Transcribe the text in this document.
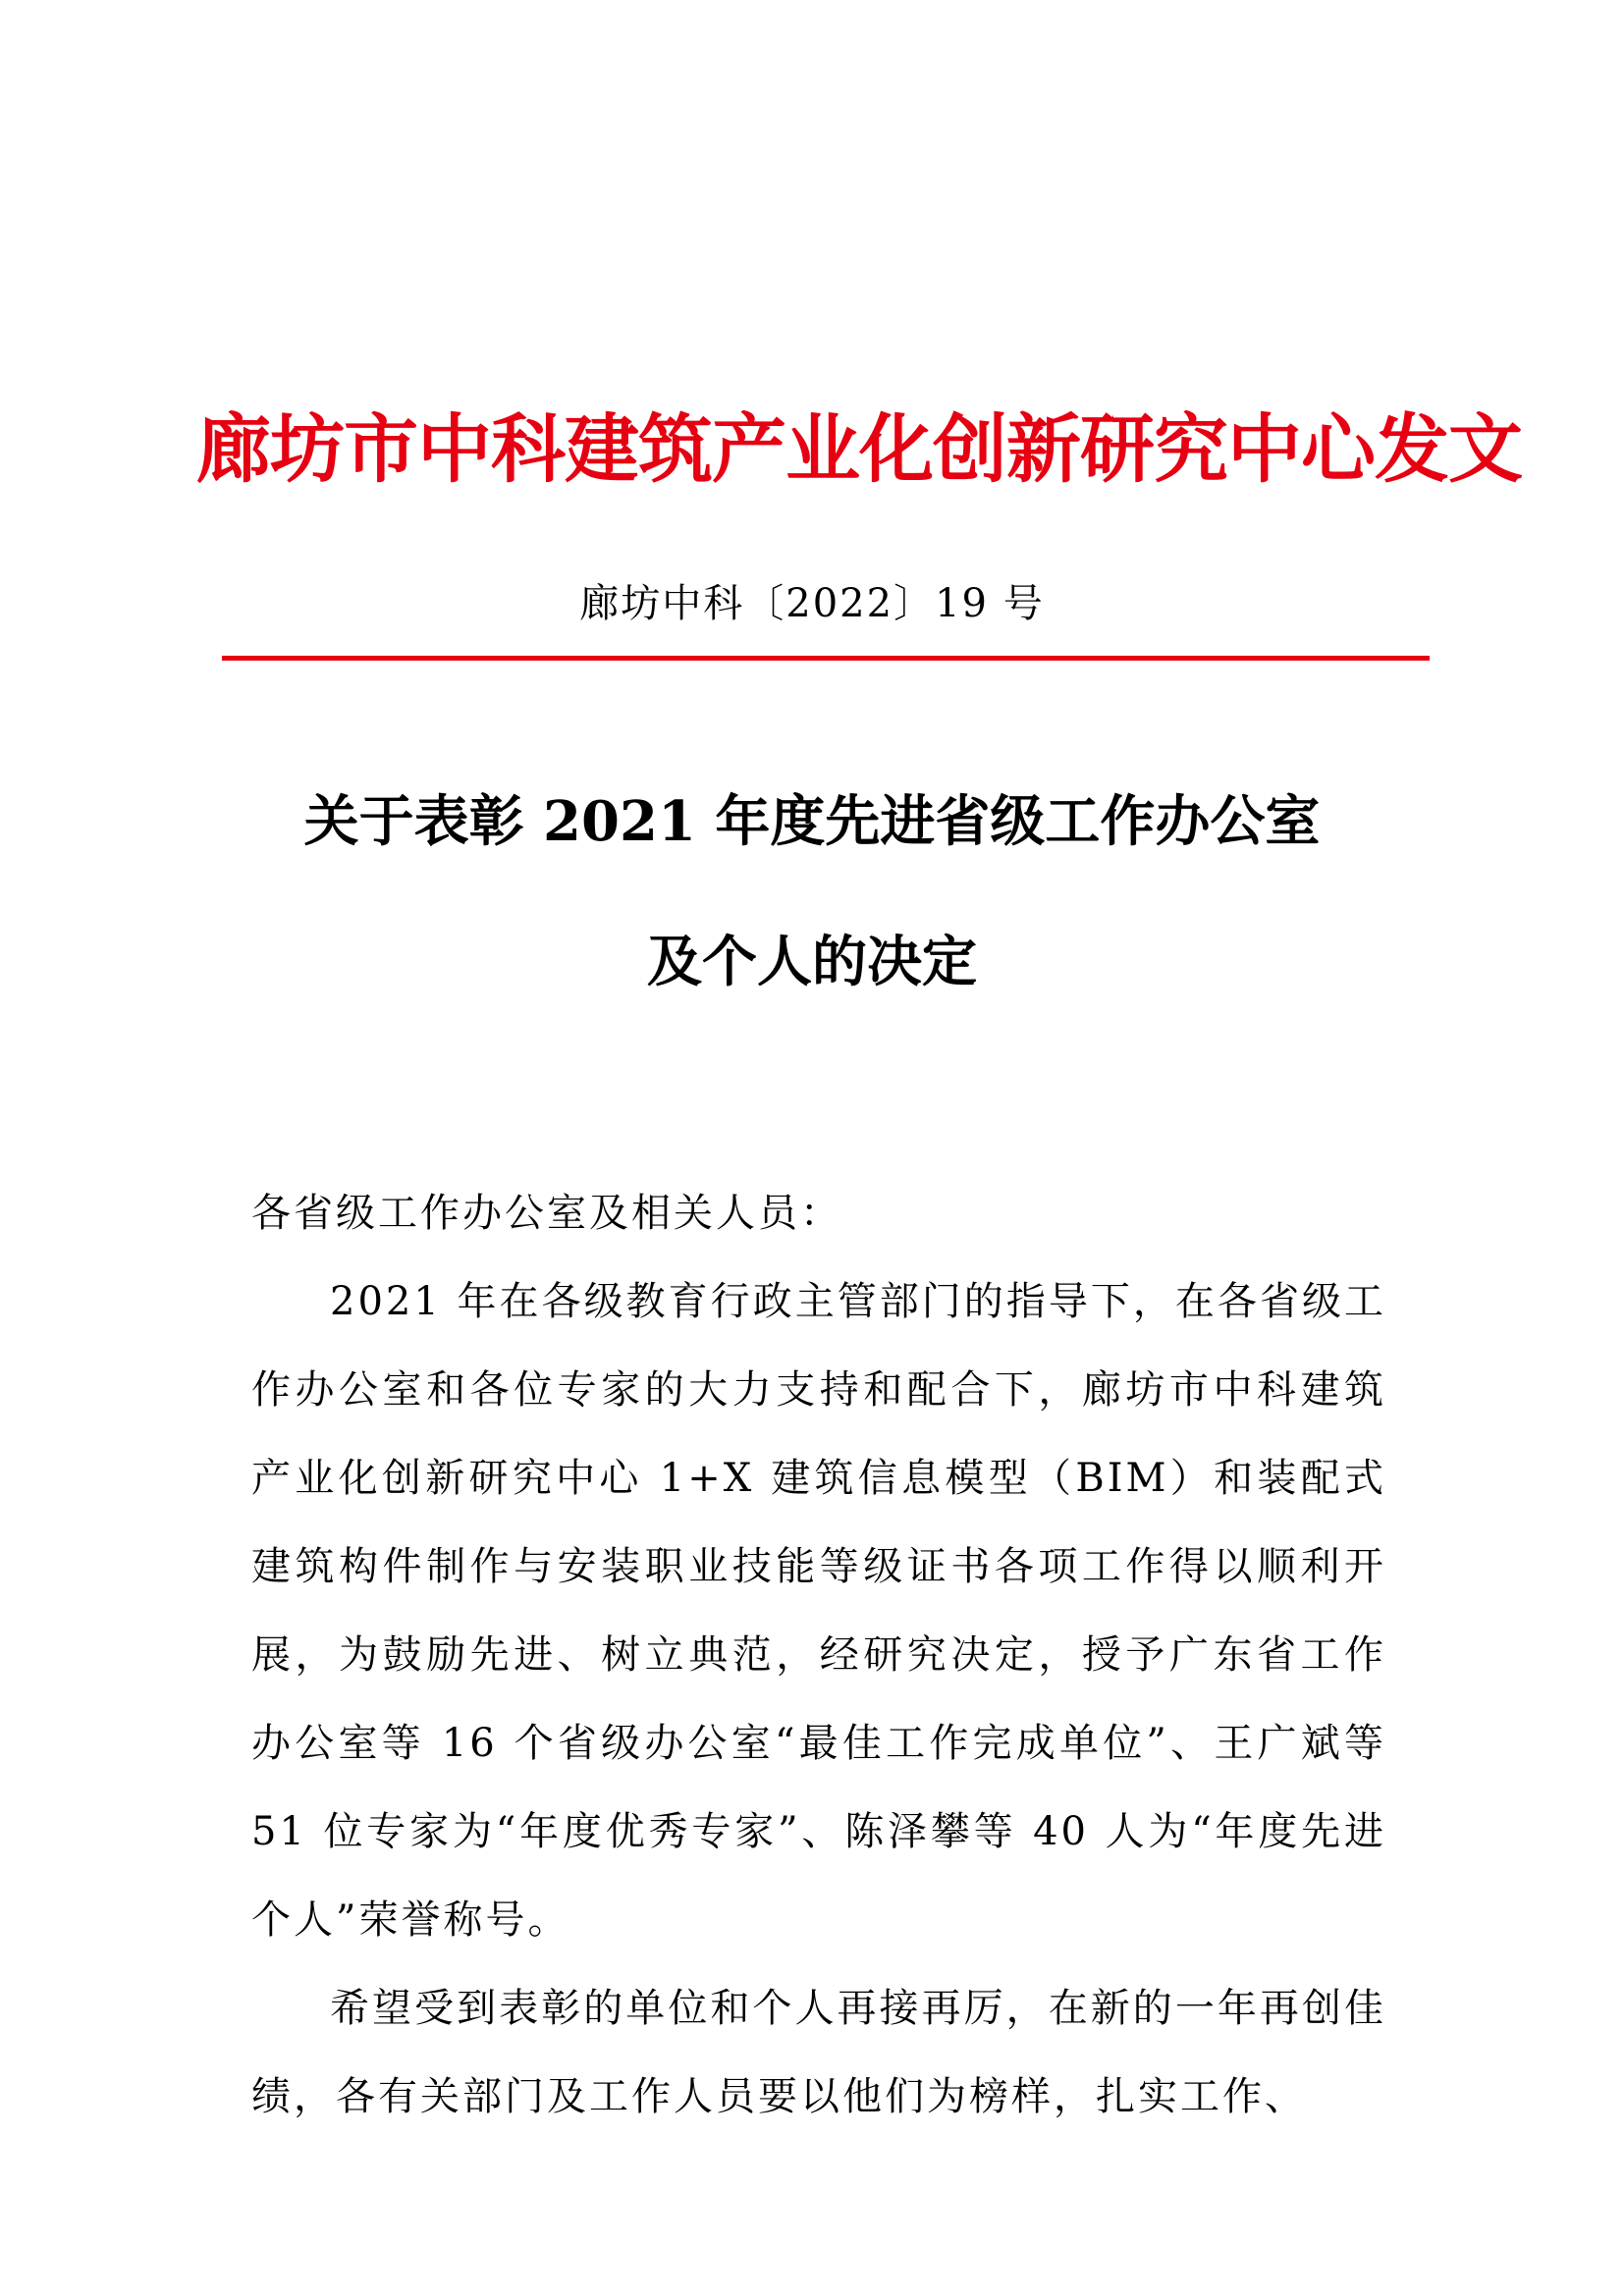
廊坊市中科建筑产业化创新研究中心发文
廊坊中科〔2022〕19 号
关于表彰 2021 年度先进省级工作办公室
及个人的决定

各省级工作办公室及相关人员：

2021 年在各级教育行政主管部门的指导下，在各省级工作办公室和各位专家的大力支持和配合下，廊坊市中科建筑产业化创新研究中心 1+X 建筑信息模型（BIM）和装配式建筑构件制作与安装职业技能等级证书各项工作得以顺利开展，为鼓励先进、树立典范，经研究决定，授予广东省工作办公室等 16 个省级办公室“最佳工作完成单位”、王广斌等 51 位专家为“年度优秀专家”、陈泽攀等 40 人为“年度先进个人”荣誉称号。

希望受到表彰的单位和个人再接再厉，在新的一年再创佳绩，各有关部门及工作人员要以他们为榜样，扎实工作、
